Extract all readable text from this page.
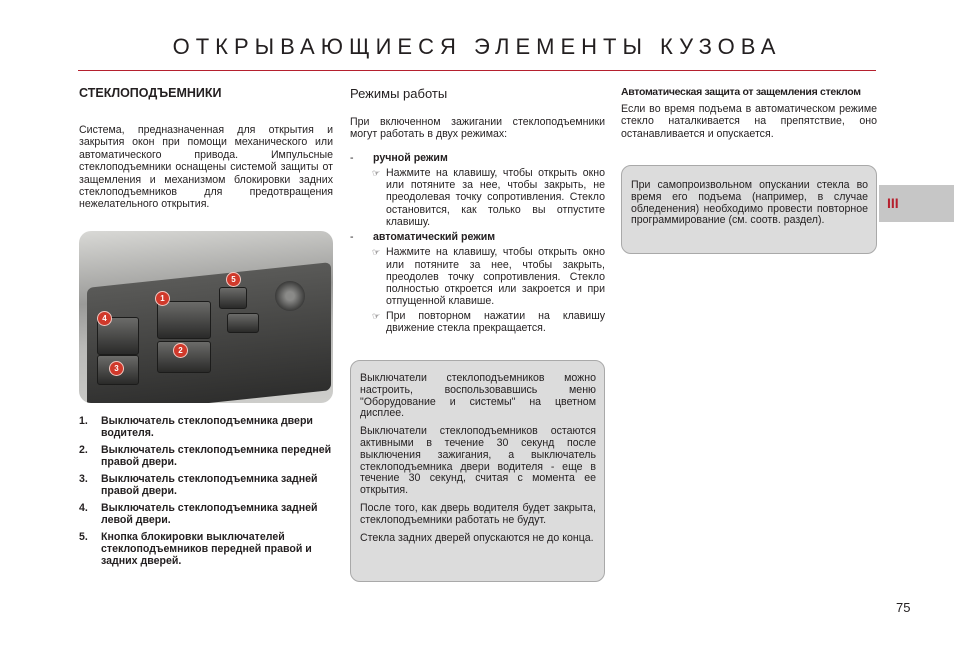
ОТКРЫВАЮЩИЕСЯ ЭЛЕМЕНТЫ КУЗОВА
СТЕКЛОПОДЪЕМНИКИ
Система, предназначенная для открытия и закрытия окон при помощи механического или автоматического привода. Импульсные стеклоподъемники оснащены системой защиты от защемления и механизмом блокировки задних стеклоподъемников для предотвращения нежелательного открытия.
4
3
1
2
5
1.	Выключатель стеклоподъемника двери водителя.
2.	Выключатель стеклоподъемника передней правой двери.
3.	Выключатель стеклоподъемника задней правой двери.
4.	Выключатель стеклоподъемника задней левой двери.
5.	Кнопка блокировки выключателей стеклоподъемников передней правой и задних дверей.
Режимы работы
При включенном зажигании стеклоподъемники могут работать в двух режимах:
-	ручной режим
☞ Нажмите на клавишу, чтобы открыть окно или потяните за нее, чтобы закрыть, не преодолевая точку сопротивления. Стекло остановится, как только вы отпустите клавишу.
-	автоматический режим
☞ Нажмите на клавишу, чтобы открыть окно или потяните за нее, чтобы закрыть, преодолев точку сопротивления. Стекло полностью откроется или закроется и при отпущенной клавише.
☞ При повторном нажатии на клавишу движение стекла прекращается.

Выключатели стеклоподъемников можно настроить, воспользовавшись меню "Оборудование и системы" на цветном дисплее.

Выключатели стеклоподъемников остаются активными в течение 30 секунд после выключения зажигания, а выключатель стеклоподъемника двери водителя - еще в течение 30 секунд, считая с момента ее открытия.

После того, как дверь водителя будет закрыта, стеклоподъемники работать не будут.

Стекла задних дверей опускаются не до конца.

Автоматическая защита от защемления стеклом
Если во время подъема в автоматическом режиме стекло наталкивается на препятствие, оно останавливается и опускается.

При самопроизвольном опускании стекла во время его подъема (например, в случае обледенения) необходимо провести повторное программирование (см. соотв. раздел).

III
75
